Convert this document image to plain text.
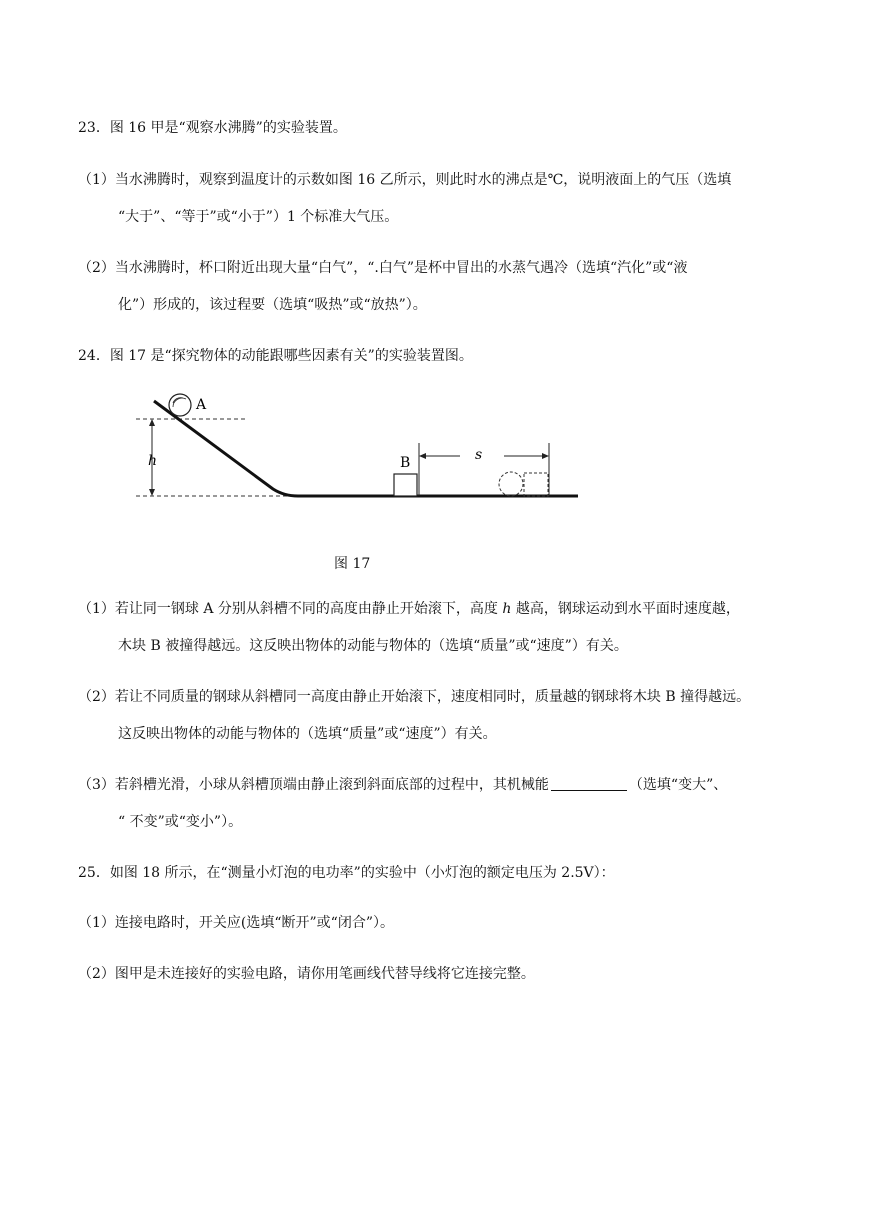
23．图 16 甲是“观察水沸腾”的实验装置。
（1）当水沸腾时，观察到温度计的示数如图 16 乙所示，则此时水的沸点是℃，说明液面上的气压（选填
“大于”、“等于”或“小于”）1 个标准大气压。
（2）当水沸腾时，杯口附近出现大量“白气”，“.白气”是杯中冒出的水蒸气遇冷（选填“汽化”或“液
化”）形成的，该过程要（选填“吸热”或“放热”）。
24．图 17 是“探究物体的动能跟哪些因素有关”的实验装置图。
A
h	B	s
图 17
（1）若让同一钢球 A 分别从斜槽不同的高度由静止开始滚下，高度 h 越高，钢球运动到水平面时速度越，
木块 B 被撞得越远。这反映出物体的动能与物体的（选填“质量”或“速度”）有关。
（2）若让不同质量的钢球从斜槽同一高度由静止开始滚下，速度相同时，质量越的钢球将木块 B 撞得越远。
这反映出物体的动能与物体的（选填“质量”或“速度”）有关。
（3）若斜槽光滑，小球从斜槽顶端由静止滚到斜面底部的过程中，其机械能	（选填“变大”、
“ 不变”或“变小”）。
25．如图 18 所示，在“测量小灯泡的电功率”的实验中（小灯泡的额定电压为 2.5V）：
（1）连接电路时，开关应(选填“断开”或“闭合”）。
（2）图甲是未连接好的实验电路，请你用笔画线代替导线将它连接完整。
